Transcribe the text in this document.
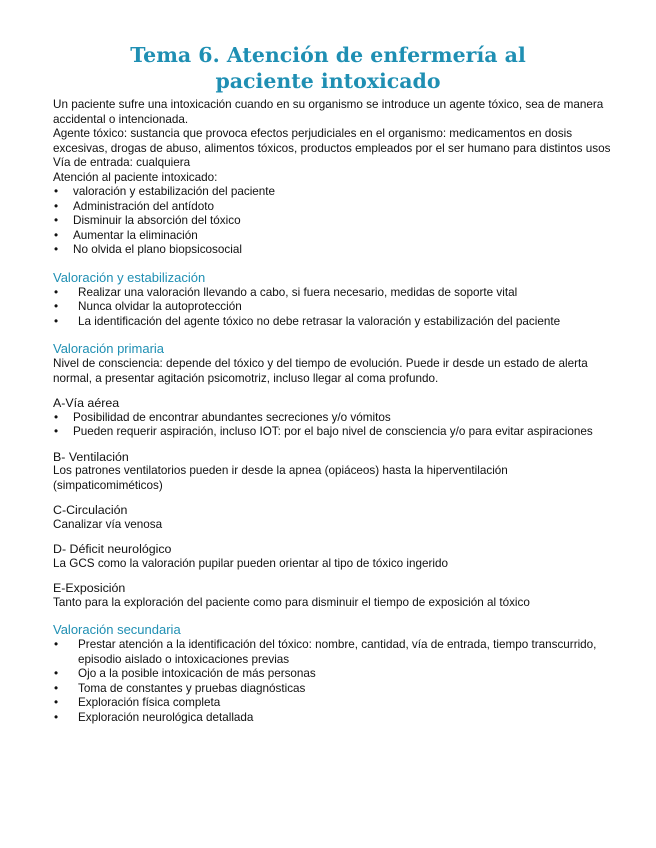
Tema 6. Atención de enfermería al
paciente intoxicado

Un paciente sufre una intoxicación cuando en su organismo se introduce un agente tóxico, sea de manera accidental o intencionada.

Agente tóxico: sustancia que provoca efectos perjudiciales en el organismo: medicamentos en dosis excesivas, drogas de abuso, alimentos tóxicos, productos empleados por el ser humano para distintos usos

Vía de entrada: cualquiera

Atención al paciente intoxicado:

• valoración y estabilización del paciente
• Administración del antídoto
• Disminuir la absorción del tóxico
• Aumentar la eliminación
• No olvida el plano biopsicosocial
Valoración y estabilización
• Realizar una valoración llevando a cabo, si fuera necesario, medidas de soporte vital
• Nunca olvidar la autoprotección
• La identificación del agente tóxico no debe retrasar la valoración y estabilización del paciente
Valoración primaria

Nivel de consciencia: depende del tóxico y del tiempo de evolución. Puede ir desde un estado de alerta normal, a presentar agitación psicomotriz, incluso llegar al coma profundo.

A-Vía aérea

• Posibilidad de encontrar abundantes secreciones y/o vómitos
• Pueden requerir aspiración, incluso IOT: por el bajo nivel de consciencia y/o para evitar aspiraciones

B- Ventilación

Los patrones ventilatorios pueden ir desde la apnea (opiáceos) hasta la hiperventilación (simpaticomiméticos)

C-Circulación

Canalizar vía venosa

D- Déficit neurológico

La GCS como la valoración pupilar pueden orientar al tipo de tóxico ingerido

E-Exposición

Tanto para la exploración del paciente como para disminuir el tiempo de exposición al tóxico

Valoración secundaria
• Prestar atención a la identificación del tóxico: nombre, cantidad, vía de entrada, tiempo transcurrido, episodio aislado o intoxicaciones previas
• Ojo a la posible intoxicación de más personas
• Toma de constantes y pruebas diagnósticas
• Exploración física completa
• Exploración neurológica detallada
